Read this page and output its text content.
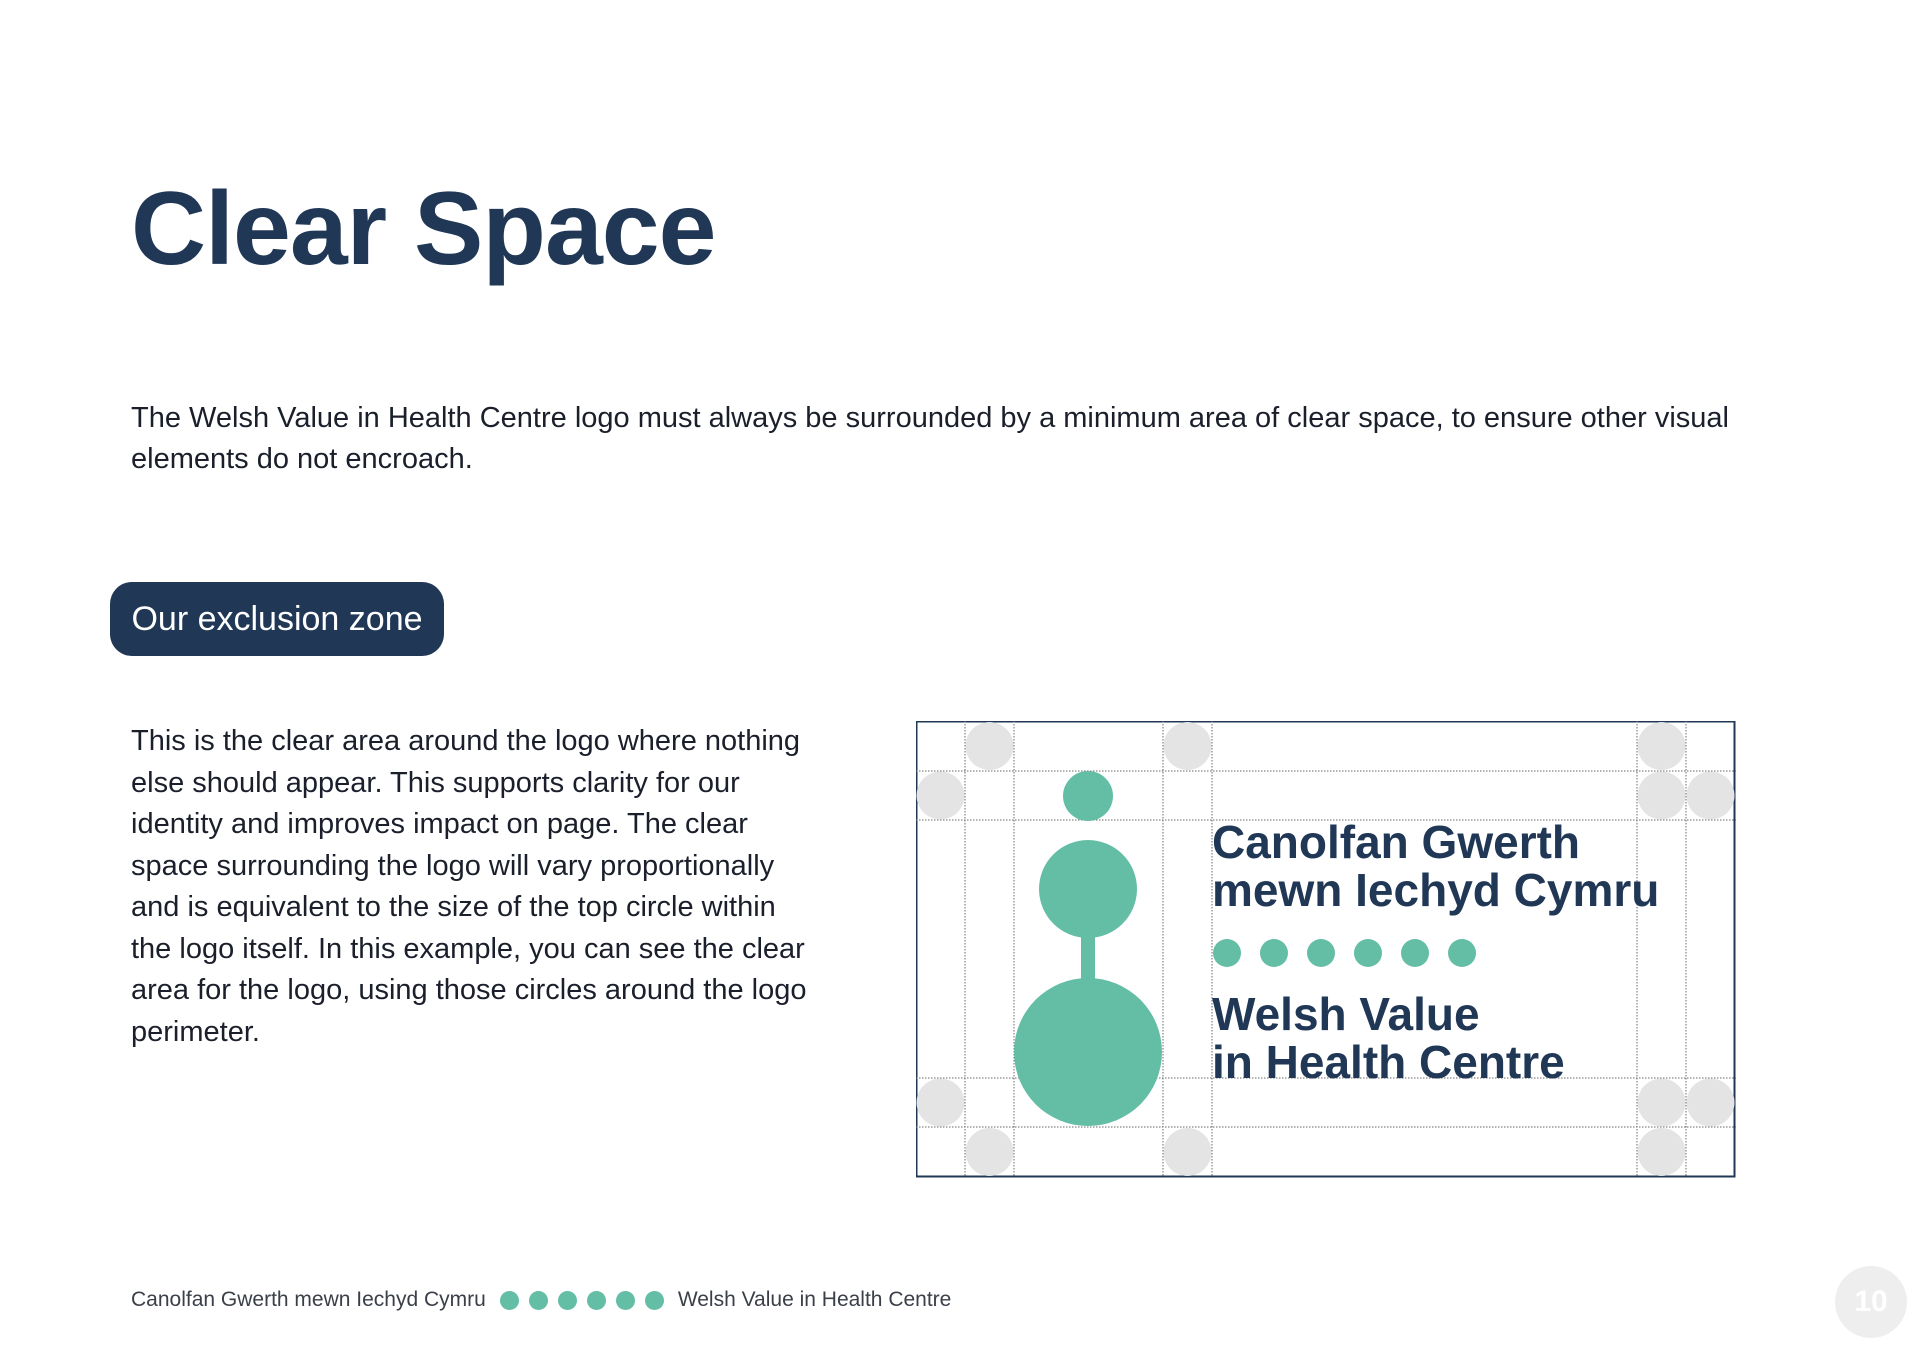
Clear Space

The Welsh Value in Health Centre logo must always be surrounded by a minimum area of clear space, to ensure other visual elements do not encroach.

Our exclusion zone

This is the clear area around the logo where nothing else should appear. This supports clarity for our identity and improves impact on page. The clear space surrounding the logo will vary proportionally and is equivalent to the size of the top circle within the logo itself. In this example, you can see the clear area for the logo, using those circles around the logo perimeter.

Canolfan Gwerth
mewn Iechyd Cymru
Welsh Value
in Health Centre
Canolfan Gwerth mewn Iechyd Cymru	Welsh Value in Health Centre	10
